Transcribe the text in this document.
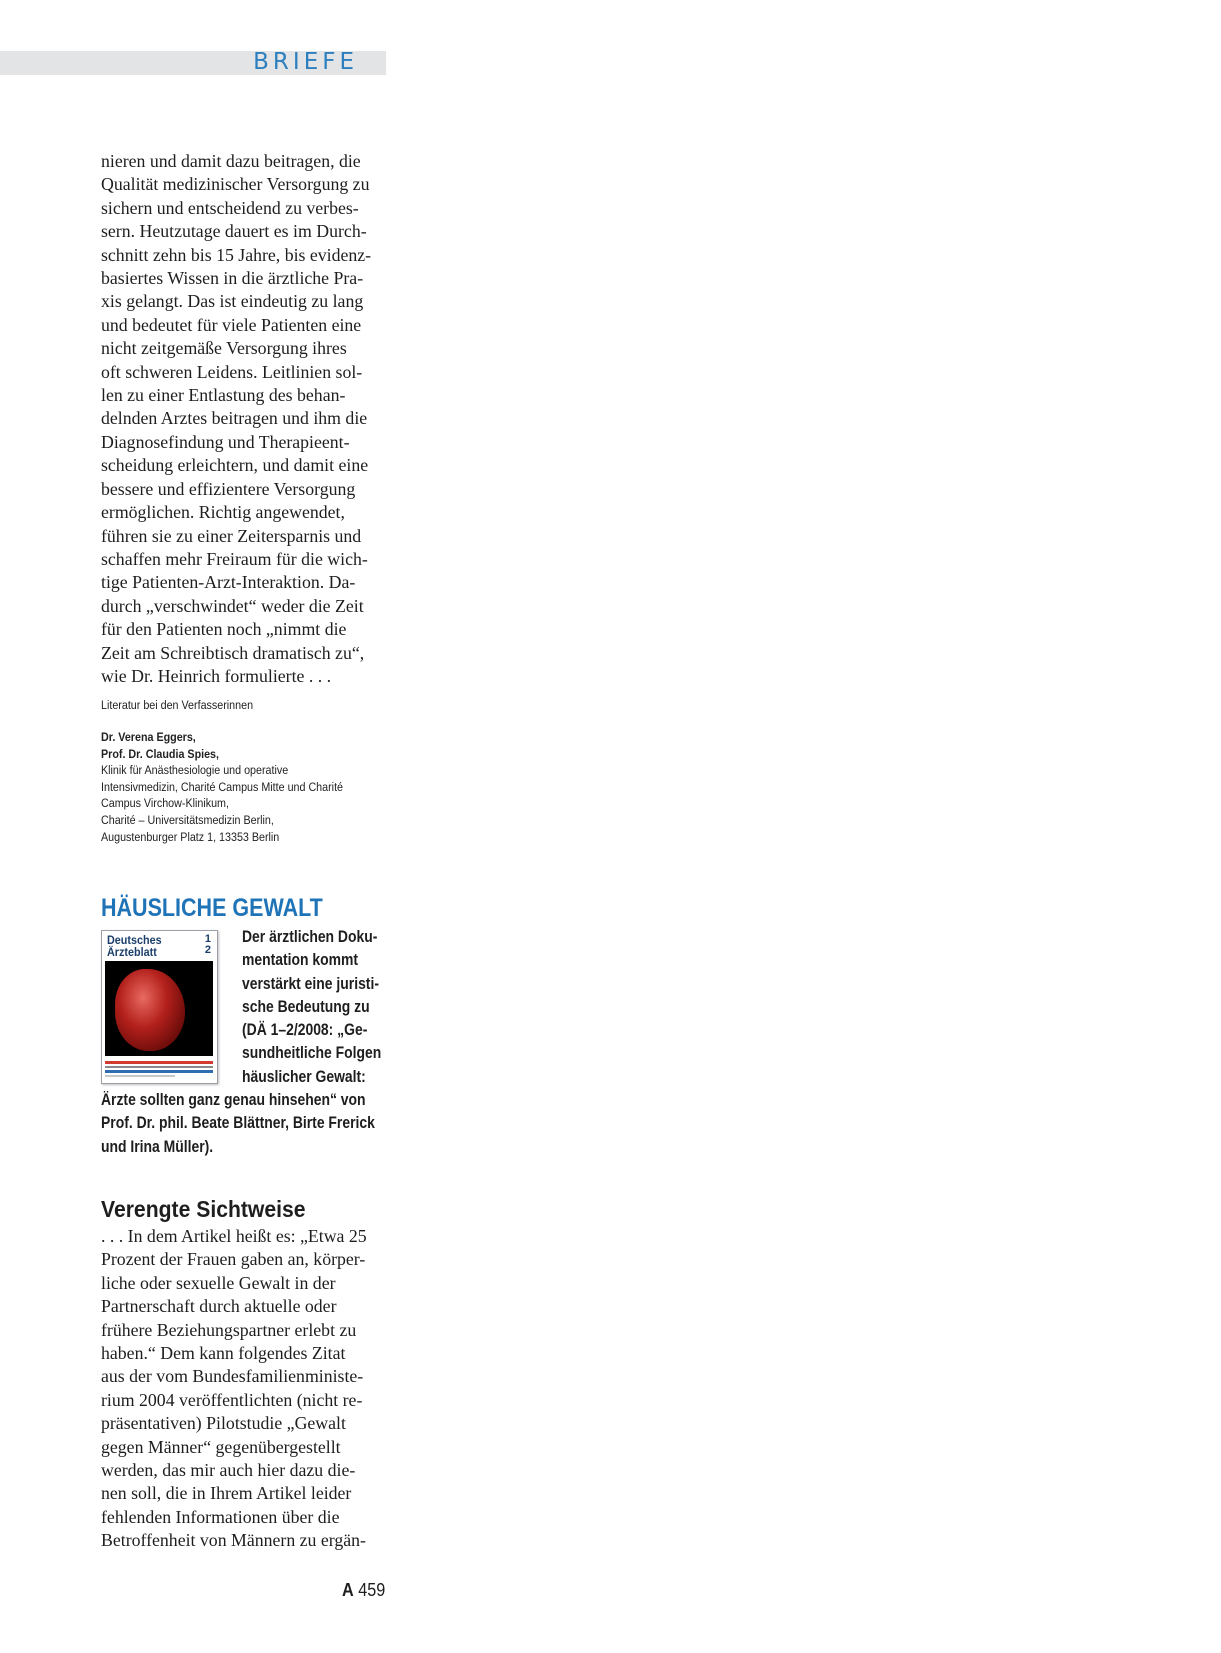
BRIEFE

nieren und damit dazu beitragen, die
Qualität medizinischer Versorgung zu
sichern und entscheidend zu verbes-
sern. Heutzutage dauert es im Durch-
schnitt zehn bis 15 Jahre, bis evidenz-
basiertes Wissen in die ärztliche Pra-
xis gelangt. Das ist eindeutig zu lang
und bedeutet für viele Patienten eine
nicht zeitgemäße Versorgung ihres
oft schweren Leidens. Leitlinien sol-
len zu einer Entlastung des behan-
delnden Arztes beitragen und ihm die
Diagnosefindung und Therapieent-
scheidung erleichtern, und damit eine
bessere und effizientere Versorgung
ermöglichen. Richtig angewendet,
führen sie zu einer Zeitersparnis und
schaffen mehr Freiraum für die wich-
tige Patienten-Arzt-Interaktion. Da-
durch „verschwindet“ weder die Zeit
für den Patienten noch „nimmt die
Zeit am Schreibtisch dramatisch zu“,
wie Dr. Heinrich formulierte . . .

Literatur bei den Verfasserinnen

Dr. Verena Eggers,

Prof. Dr. Claudia Spies,

Klinik für Anästhesiologie und operative

Intensivmedizin, Charité Campus Mitte und Charité

Campus Virchow-Klinikum,

Charité – Universitätsmedizin Berlin,

Augustenburger Platz 1, 13353 Berlin

HÄUSLICHE GEWALT
Deutsches
Ärzteblatt
1
2

Der ärztlichen Doku-
mentation kommt
verstärkt eine juristi-
sche Bedeutung zu
(DÄ 1–2/2008: „Ge-
sundheitliche Folgen
häuslicher Gewalt:

Ärzte sollten ganz genau hinsehen“ von
Prof. Dr. phil. Beate Blättner, Birte Frerick
und Irina Müller).

Verengte Sichtweise

. . . In dem Artikel heißt es: „Etwa 25
Prozent der Frauen gaben an, körper-
liche oder sexuelle Gewalt in der
Partnerschaft durch aktuelle oder
frühere Beziehungspartner erlebt zu
haben.“ Dem kann folgendes Zitat
aus der vom Bundesfamilienministe-
rium 2004 veröffentlichten (nicht re-
präsentativen) Pilotstudie „Gewalt
gegen Männer“ gegenübergestellt
werden, das mir auch hier dazu die-
nen soll, die in Ihrem Artikel leider
fehlenden Informationen über die
Betroffenheit von Männern zu ergän-

A 459
